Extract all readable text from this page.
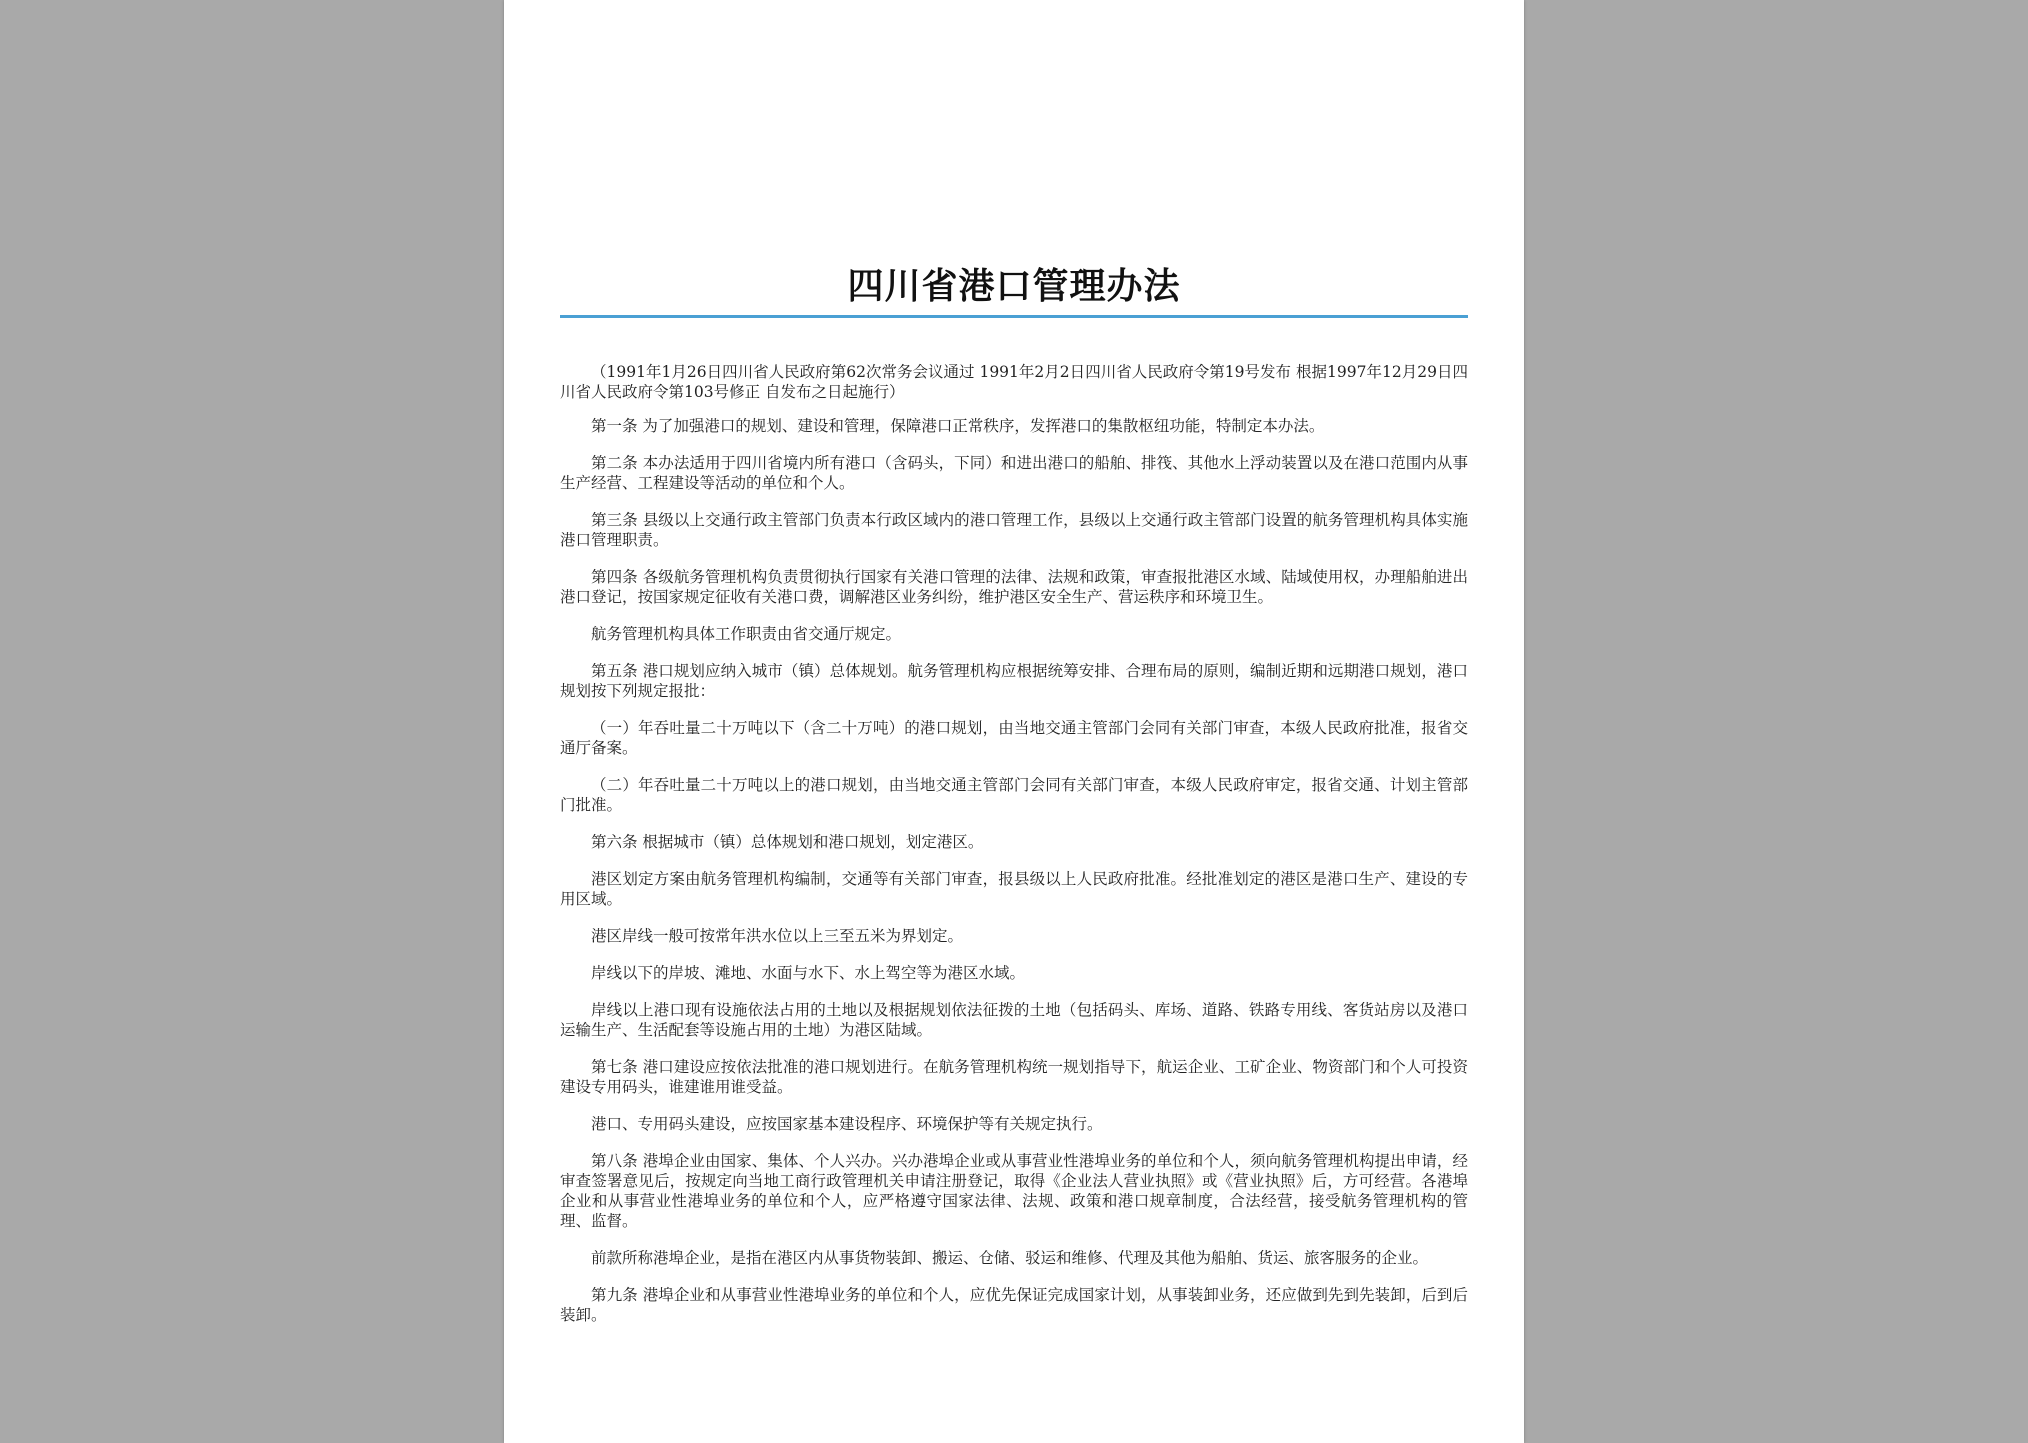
四川省港口管理办法

（1991年1月26日四川省人民政府第62次常务会议通过 1991年2月2日四川省人民政府令第19号发布 根据1997年12月29日四川省人民政府令第103号修正 自发布之日起施行）

第一条 为了加强港口的规划、建设和管理，保障港口正常秩序，发挥港口的集散枢纽功能，特制定本办法。

第二条 本办法适用于四川省境内所有港口（含码头，下同）和进出港口的船舶、排筏、其他水上浮动装置以及在港口范围内从事生产经营、工程建设等活动的单位和个人。

第三条 县级以上交通行政主管部门负责本行政区域内的港口管理工作，县级以上交通行政主管部门设置的航务管理机构具体实施港口管理职责。

第四条 各级航务管理机构负责贯彻执行国家有关港口管理的法律、法规和政策，审查报批港区水域、陆域使用权，办理船舶进出港口登记，按国家规定征收有关港口费，调解港区业务纠纷，维护港区安全生产、营运秩序和环境卫生。

航务管理机构具体工作职责由省交通厅规定。

第五条 港口规划应纳入城市（镇）总体规划。航务管理机构应根据统筹安排、合理布局的原则，编制近期和远期港口规划，港口规划按下列规定报批：

（一）年吞吐量二十万吨以下（含二十万吨）的港口规划，由当地交通主管部门会同有关部门审查，本级人民政府批准，报省交通厅备案。

（二）年吞吐量二十万吨以上的港口规划，由当地交通主管部门会同有关部门审查，本级人民政府审定，报省交通、计划主管部门批准。

第六条 根据城市（镇）总体规划和港口规划，划定港区。

港区划定方案由航务管理机构编制，交通等有关部门审查，报县级以上人民政府批准。经批准划定的港区是港口生产、建设的专用区域。

港区岸线一般可按常年洪水位以上三至五米为界划定。

岸线以下的岸坡、滩地、水面与水下、水上驾空等为港区水域。

岸线以上港口现有设施依法占用的土地以及根据规划依法征拨的土地（包括码头、库场、道路、铁路专用线、客货站房以及港口运输生产、生活配套等设施占用的土地）为港区陆域。

第七条 港口建设应按依法批准的港口规划进行。在航务管理机构统一规划指导下，航运企业、工矿企业、物资部门和个人可投资建设专用码头，谁建谁用谁受益。

港口、专用码头建设，应按国家基本建设程序、环境保护等有关规定执行。

第八条 港埠企业由国家、集体、个人兴办。兴办港埠企业或从事营业性港埠业务的单位和个人，须向航务管理机构提出申请，经审查签署意见后，按规定向当地工商行政管理机关申请注册登记，取得《企业法人营业执照》或《营业执照》后，方可经营。各港埠企业和从事营业性港埠业务的单位和个人，应严格遵守国家法律、法规、政策和港口规章制度，合法经营，接受航务管理机构的管理、监督。

前款所称港埠企业，是指在港区内从事货物装卸、搬运、仓储、驳运和维修、代理及其他为船舶、货运、旅客服务的企业。

第九条 港埠企业和从事营业性港埠业务的单位和个人，应优先保证完成国家计划，从事装卸业务，还应做到先到先装卸，后到后装卸。
